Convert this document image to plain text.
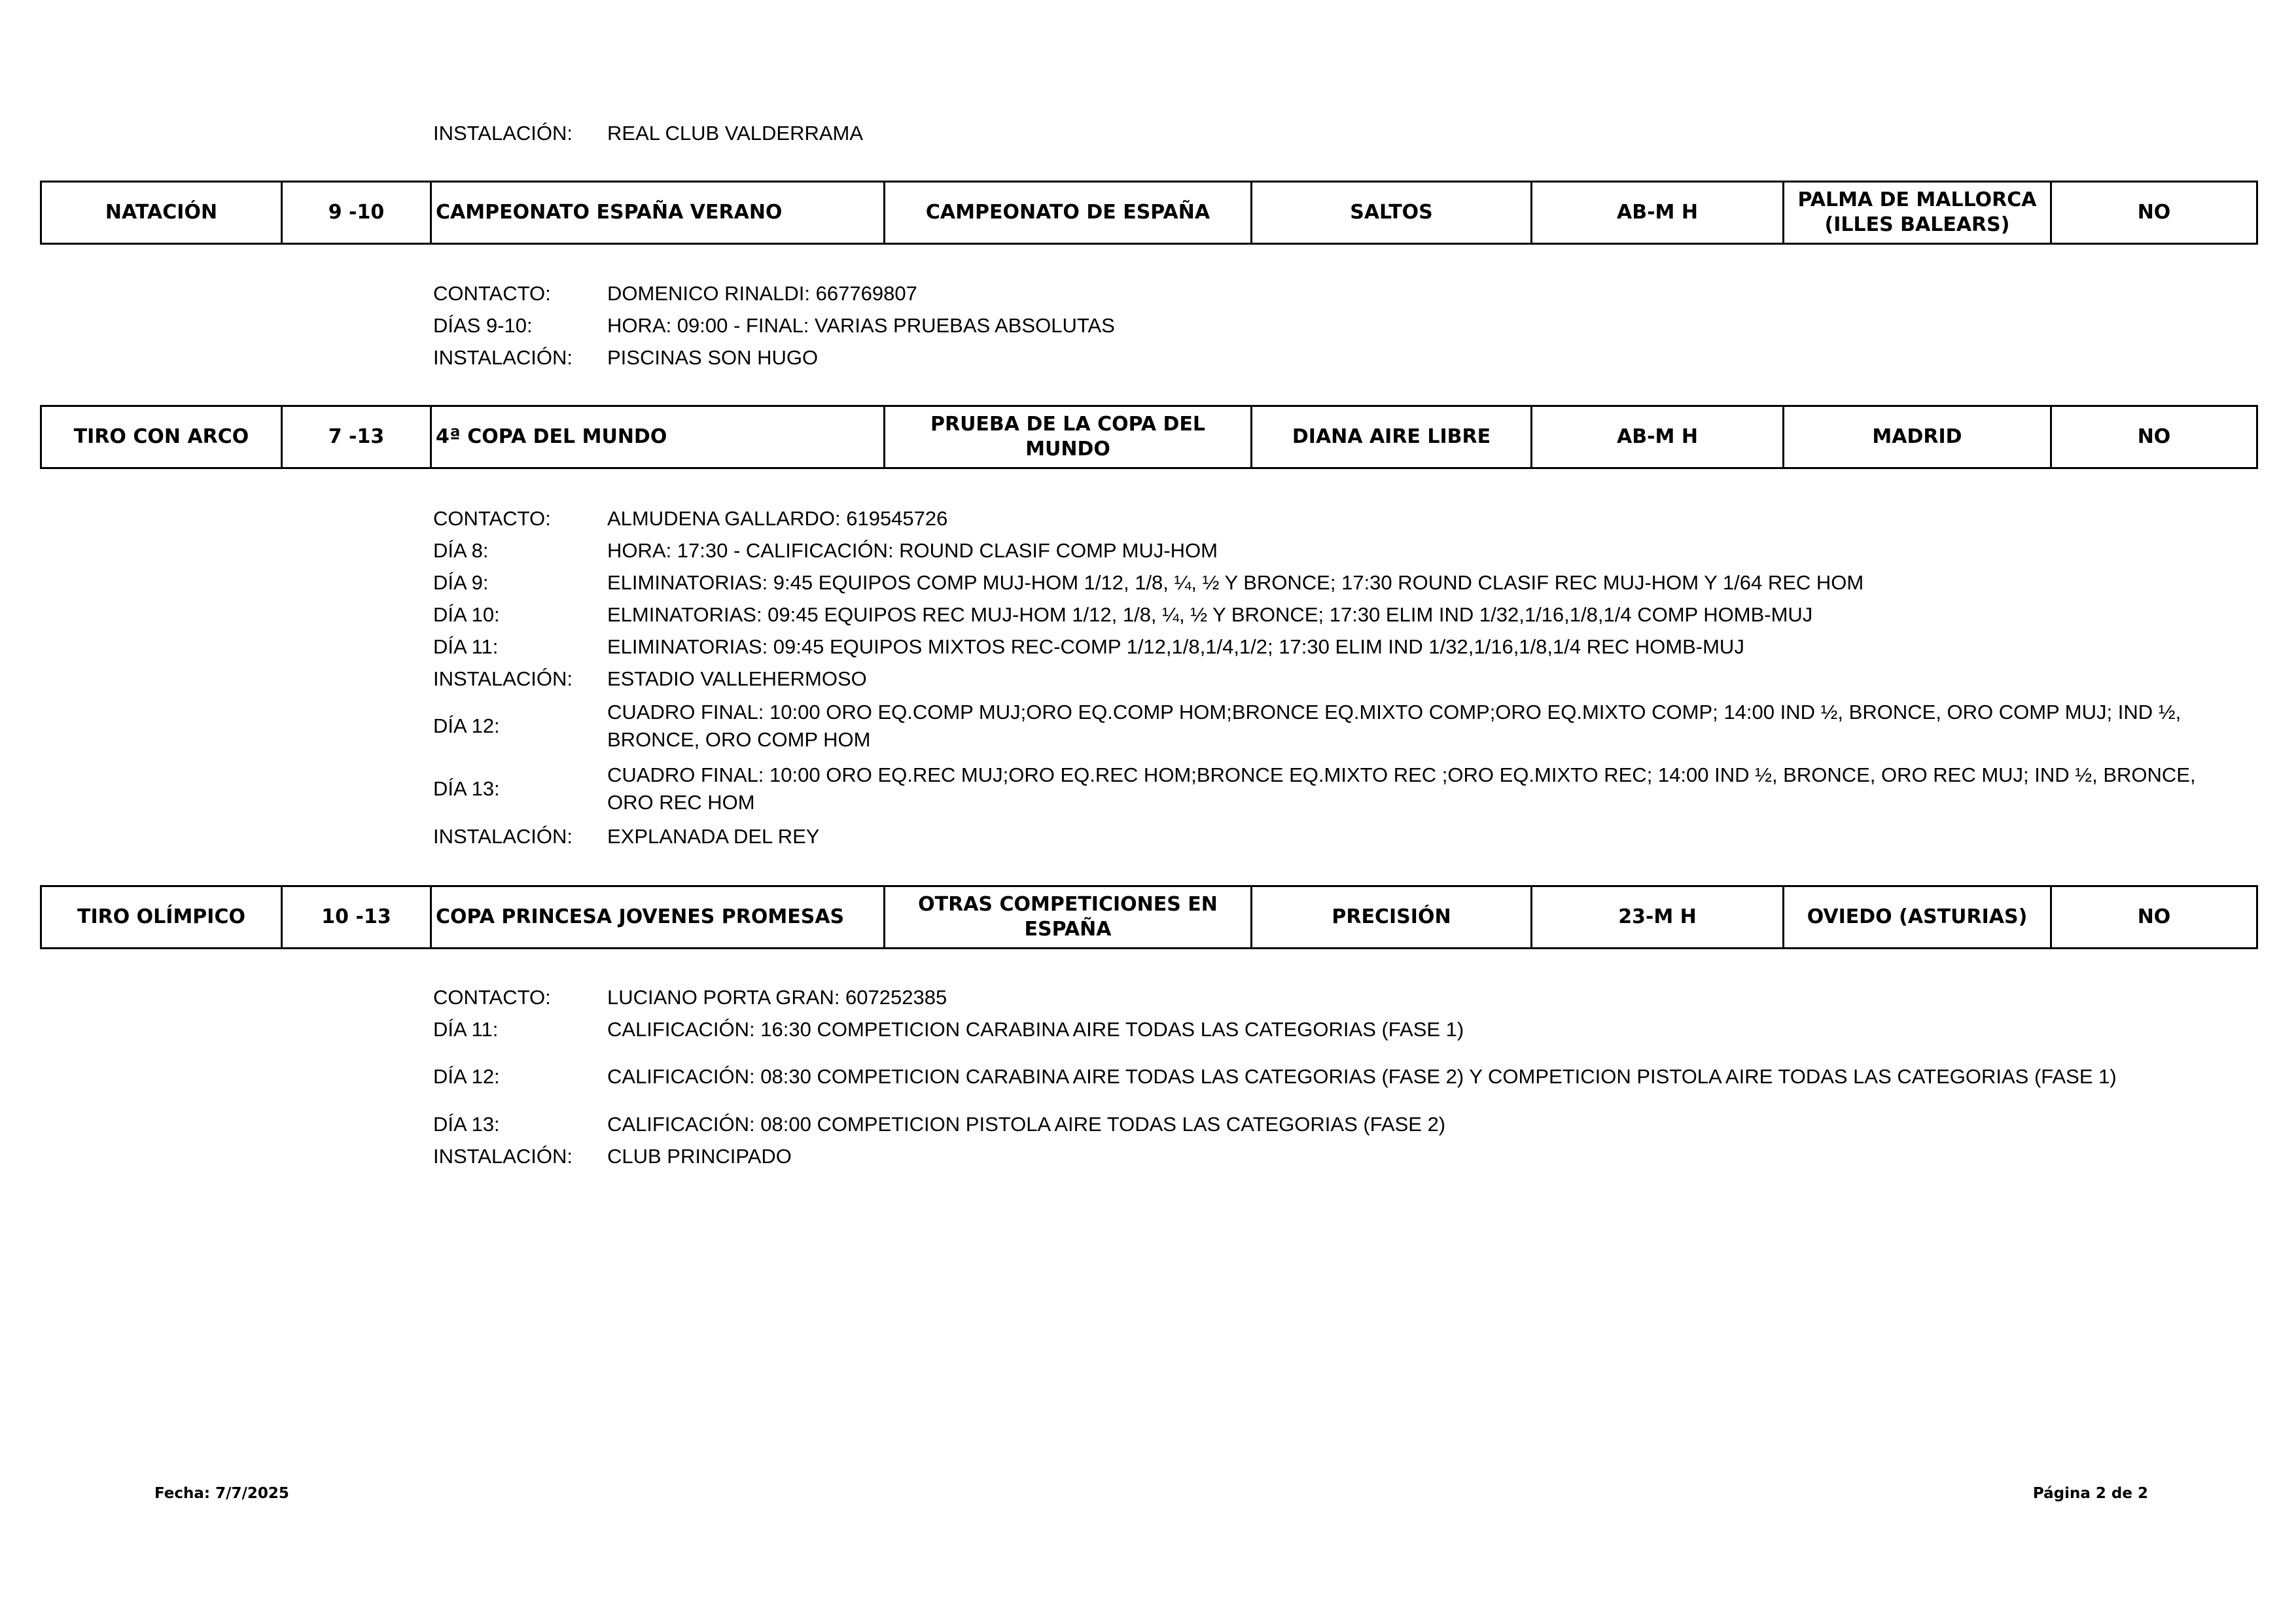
INSTALACIÓN:	REAL CLUB VALDERRAMA
NATACIÓN	9 -10	CAMPEONATO ESPAÑA VERANO	CAMPEONATO DE ESPAÑA	SALTOS	AB-M H	PALMA DE MALLORCA (ILLES BALEARS)	NO
CONTACTO:	DOMENICO RINALDI: 667769807
DÍAS 9-10:	HORA: 09:00 - FINAL: VARIAS PRUEBAS ABSOLUTAS
INSTALACIÓN:	PISCINAS SON HUGO
TIRO CON ARCO	7 -13	4ª COPA DEL MUNDO	PRUEBA DE LA COPA DEL MUNDO	DIANA AIRE LIBRE	AB-M H	MADRID	NO
CONTACTO:	ALMUDENA GALLARDO: 619545726
DÍA 8:	HORA: 17:30 - CALIFICACIÓN: ROUND CLASIF COMP MUJ-HOM
DÍA 9:	ELIMINATORIAS: 9:45 EQUIPOS COMP MUJ-HOM 1/12, 1/8, ¼, ½ Y BRONCE; 17:30 ROUND CLASIF REC MUJ-HOM Y 1/64 REC HOM
DÍA 10:	ELMINATORIAS: 09:45 EQUIPOS REC MUJ-HOM 1/12, 1/8, ¼, ½ Y BRONCE; 17:30 ELIM IND 1/32,1/16,1/8,1/4 COMP HOMB-MUJ
DÍA 11:	ELIMINATORIAS: 09:45 EQUIPOS MIXTOS REC-COMP 1/12,1/8,1/4,1/2; 17:30 ELIM IND 1/32,1/16,1/8,1/4 REC HOMB-MUJ
INSTALACIÓN:	ESTADIO VALLEHERMOSO
DÍA 12:
CUADRO FINAL: 10:00 ORO EQ.COMP MUJ;ORO EQ.COMP HOM;BRONCE EQ.MIXTO COMP;ORO EQ.MIXTO COMP; 14:00 IND ½, BRONCE, ORO COMP MUJ; IND ½, BRONCE, ORO COMP HOM
DÍA 13:
CUADRO FINAL: 10:00 ORO EQ.REC MUJ;ORO EQ.REC HOM;BRONCE EQ.MIXTO REC ;ORO EQ.MIXTO REC; 14:00 IND ½, BRONCE, ORO REC MUJ; IND ½, BRONCE, ORO REC HOM
INSTALACIÓN:	EXPLANADA DEL REY
TIRO OLÍMPICO	10 -13	COPA PRINCESA JOVENES PROMESAS	OTRAS COMPETICIONES EN ESPAÑA	PRECISIÓN	23-M H	OVIEDO (ASTURIAS)	NO
CONTACTO:	LUCIANO PORTA GRAN: 607252385
DÍA 11:	CALIFICACIÓN: 16:30 COMPETICION CARABINA AIRE TODAS LAS CATEGORIAS (FASE 1)
DÍA 12:	CALIFICACIÓN: 08:30 COMPETICION CARABINA AIRE TODAS LAS CATEGORIAS (FASE 2) Y COMPETICION PISTOLA AIRE TODAS LAS CATEGORIAS (FASE 1)
DÍA 13:	CALIFICACIÓN: 08:00 COMPETICION PISTOLA AIRE TODAS LAS CATEGORIAS (FASE 2)
INSTALACIÓN:	CLUB PRINCIPADO
Fecha: 7/7/2025	Página 2 de 2
